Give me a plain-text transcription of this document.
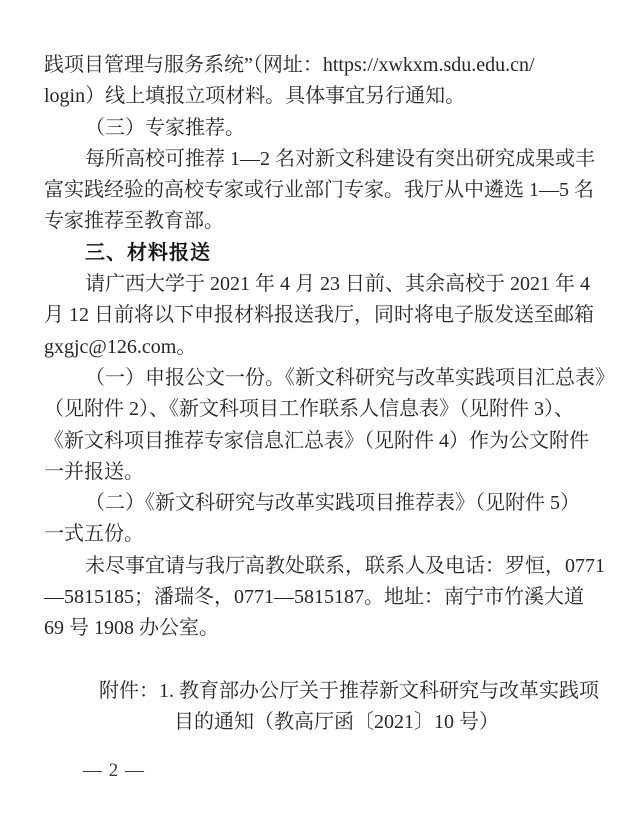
践项目管理与服务系统”（网址：https://xwkxm.sdu.edu.cn/
login）线上填报立项材料。具体事宜另行通知。
（三）专家推荐。
每所高校可推荐 1—2 名对新文科建设有突出研究成果或丰
富实践经验的高校专家或行业部门专家。我厅从中遴选 1—5 名
专家推荐至教育部。
三、材料报送
请广西大学于 2021 年 4 月 23 日前、其余高校于 2021 年 4
月 12 日前将以下申报材料报送我厅，同时将电子版发送至邮箱
gxgjc@126.com。
（一）申报公文一份。《新文科研究与改革实践项目汇总表》
（见附件 2）、《新文科项目工作联系人信息表》（见附件 3）、
《新文科项目推荐专家信息汇总表》（见附件 4）作为公文附件
一并报送。
（二）《新文科研究与改革实践项目推荐表》（见附件 5）
一式五份。
未尽事宜请与我厅高教处联系，联系人及电话：罗恒，0771
—5815185；潘瑞冬，0771—5815187。地址：南宁市竹溪大道
69 号 1908 办公室。
附件：1. 教育部办公厅关于推荐新文科研究与改革实践项
目的通知（教高厅函〔2021〕10 号）
— 2 —
